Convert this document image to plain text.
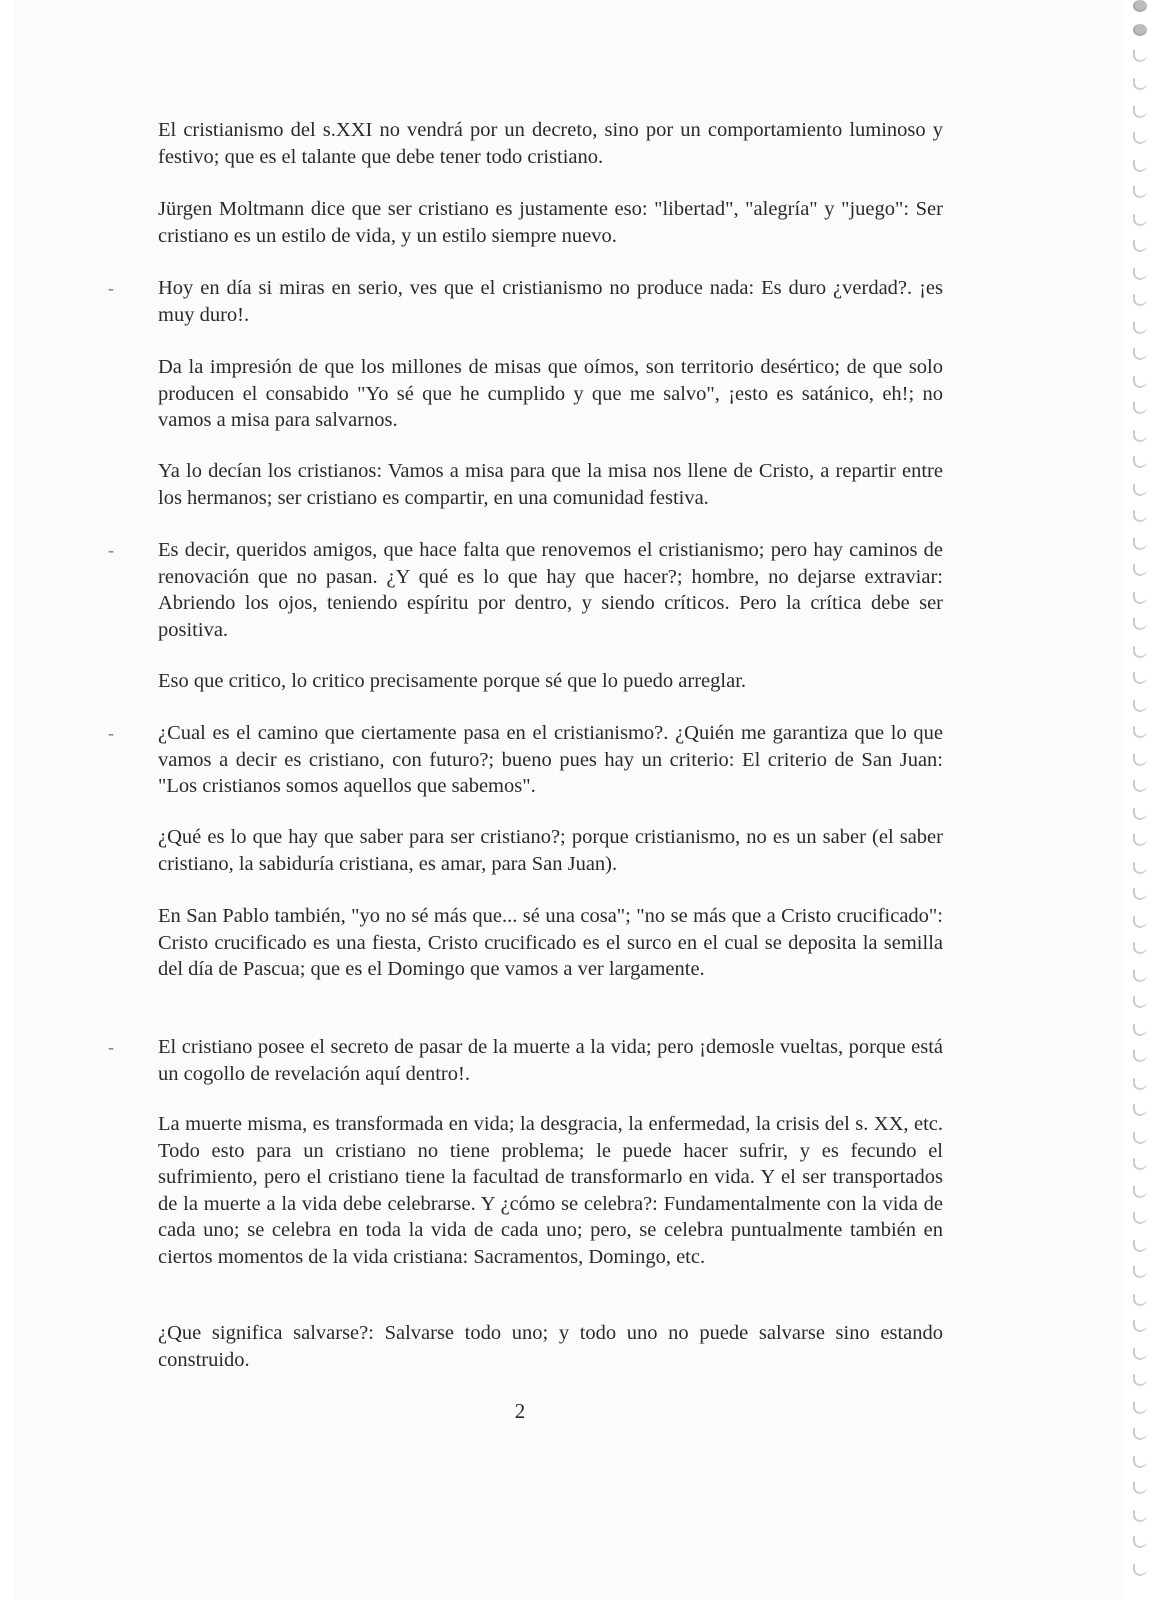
El cristianismo del s.XXI no vendrá por un decreto, sino por un comportamiento luminoso y festivo; que es el talante que debe tener todo cristiano.

Jürgen Moltmann dice que ser cristiano es justamente eso: "libertad", "alegría" y "juego": Ser cristiano es un estilo de vida, y un estilo siempre nuevo.

- Hoy en día si miras en serio, ves que el cristianismo no produce nada: Es duro ¿verdad?. ¡es muy duro!.

Da la impresión de que los millones de misas que oímos, son territorio desértico; de que solo producen el consabido "Yo sé que he cumplido y que me salvo", ¡esto es satánico, eh!; no vamos a misa para salvarnos.

Ya lo decían los cristianos: Vamos a misa para que la misa nos llene de Cristo, a repartir entre los hermanos; ser cristiano es compartir, en una comunidad festiva.

- Es decir, queridos amigos, que hace falta que renovemos el cristianismo; pero hay caminos de renovación que no pasan. ¿Y qué es lo que hay que hacer?; hombre, no dejarse extraviar: Abriendo los ojos, teniendo espíritu por dentro, y siendo críticos. Pero la crítica debe ser positiva.

Eso que critico, lo critico precisamente porque sé que lo puedo arreglar.

- ¿Cual es el camino que ciertamente pasa en el cristianismo?. ¿Quién me garantiza que lo que vamos a decir es cristiano, con futuro?; bueno pues hay un criterio: El criterio de San Juan: "Los cristianos somos aquellos que sabemos".

¿Qué es lo que hay que saber para ser cristiano?; porque cristianismo, no es un saber (el saber cristiano, la sabiduría cristiana, es amar, para San Juan).

En San Pablo también, "yo no sé más que... sé una cosa"; "no se más que a Cristo crucificado": Cristo crucificado es una fiesta, Cristo crucificado es el surco en el cual se deposita la semilla del día de Pascua; que es el Domingo que vamos a ver largamente.

- El cristiano posee el secreto de pasar de la muerte a la vida; pero ¡demosle vueltas, porque está un cogollo de revelación aquí dentro!.

La muerte misma, es transformada en vida; la desgracia, la enfermedad, la crisis del s. XX, etc. Todo esto para un cristiano no tiene problema; le puede hacer sufrir, y es fecundo el sufrimiento, pero el cristiano tiene la facultad de transformarlo en vida. Y el ser transportados de la muerte a la vida debe celebrarse. Y ¿cómo se celebra?: Fundamentalmente con la vida de cada uno; se celebra en toda la vida de cada uno; pero, se celebra puntualmente también en ciertos momentos de la vida cristiana: Sacramentos, Domingo, etc.

¿Que significa salvarse?: Salvarse todo uno; y todo uno no puede salvarse sino estando construido.

2
